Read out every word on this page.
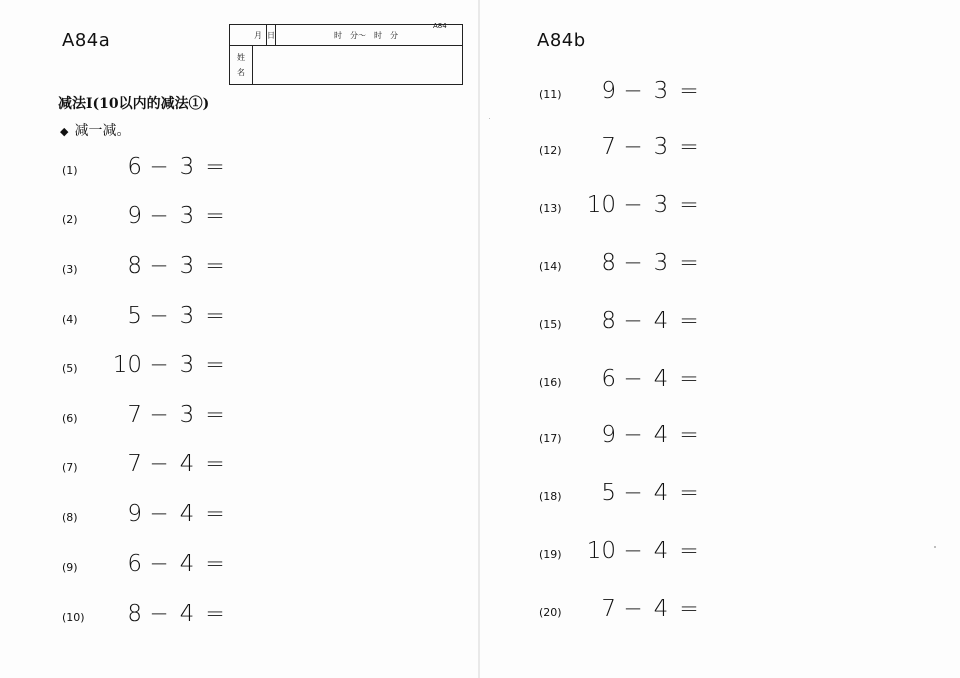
A84a
A84
月		日	时　分～　时　分

姓
名			

减法Ⅰ(10以内的减法①)
◆ 减一减。
(1)	6 − 3 =
(2)	9 − 3 =
(3)	8 − 3 =
(4)	5 − 3 =
(5) 10 − 3 =
(6)	7 − 3 =
(7)	7 − 4 =
(8)	9 − 4 =
(9)	6 − 4 =
(10)	8 − 4 =
A84b
(11)	9 − 3 =
(12)	7 − 3 =
(13) 10 − 3 =
(14)	8 − 3 =
(15)	8 − 4 =
(16)	6 − 4 =
(17)	9 − 4 =
(18)	5 − 4 =
(19) 10 − 4 =
(20)	7 − 4 =
